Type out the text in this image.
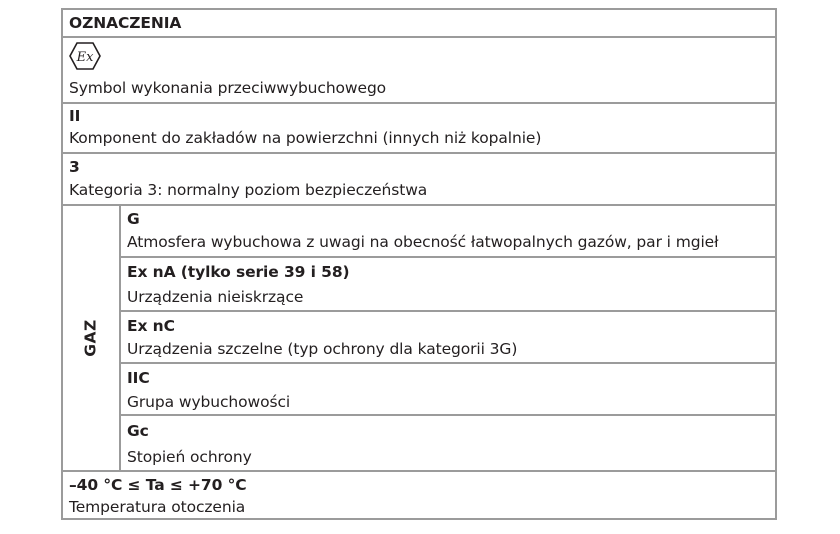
OZNACZENIA
Ex
Symbol wykonania przeciwwybuchowego
II
Komponent do zakładów na powierzchni (innych niż kopalnie)
3
Kategoria 3: normalny poziom bezpieczeństwa
GAZ
G
Atmosfera wybuchowa z uwagi na obecność łatwopalnych gazów, par i mgieł
Ex nA (tylko serie 39 i 58)
Urządzenia nieiskrzące
Ex nC
Urządzenia szczelne (typ ochrony dla kategorii 3G)
IIC
Grupa wybuchowości
Gc
Stopień ochrony
–40 °C ≤ Ta ≤ +70 °C
Temperatura otoczenia
